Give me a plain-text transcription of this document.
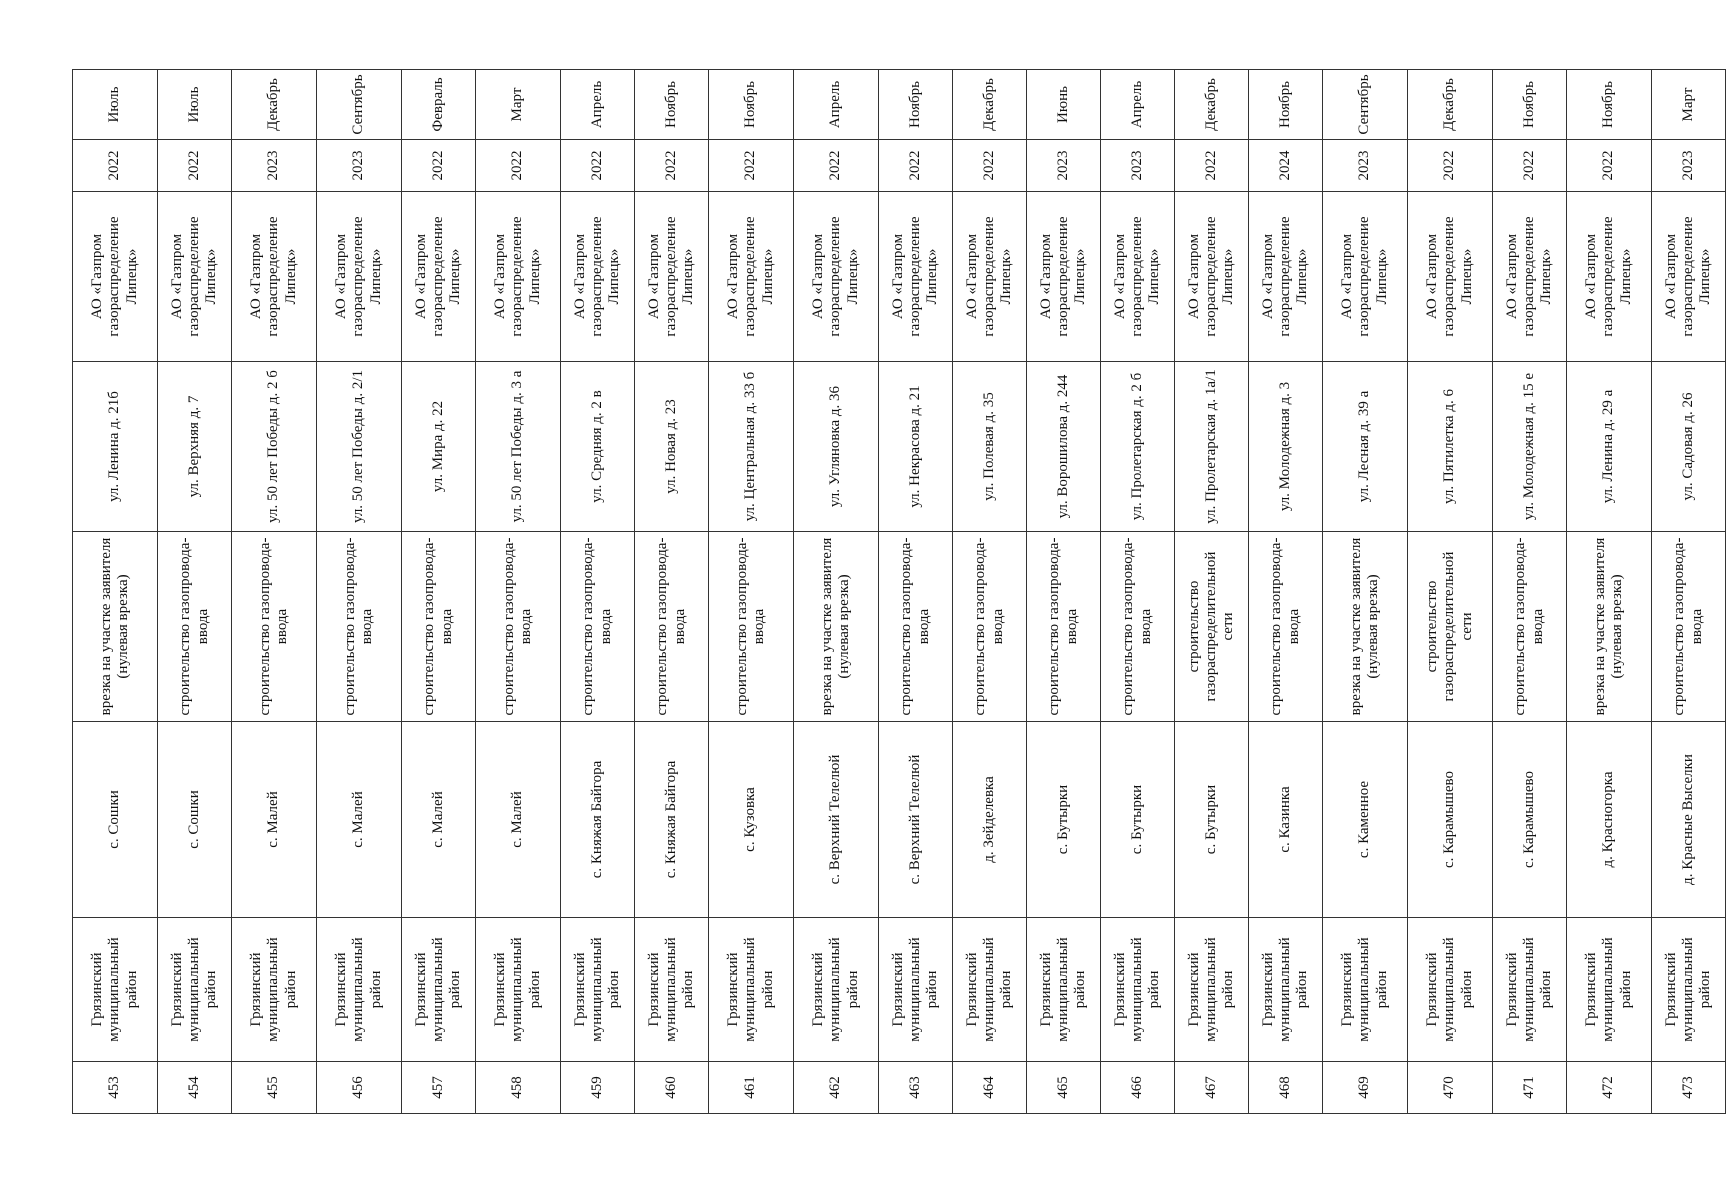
453	Грязинский муниципальный район	с. Сошки	врезка на участке заявителя (нулевая врезка)	ул. Ленина д. 21б	АО «Газпром газораспределение Липецк»	2022	Июль
454	Грязинский муниципальный район	с. Сошки	строительство газопровода-ввода	ул. Верхняя д. 7	АО «Газпром газораспределение Липецк»	2022	Июль
455	Грязинский муниципальный район	с. Малей	строительство газопровода-ввода	ул. 50 лет Победы д. 2 б	АО «Газпром газораспределение Липецк»	2023	Декабрь
456	Грязинский муниципальный район	с. Малей	строительство газопровода-ввода	ул. 50 лет Победы д. 2/1	АО «Газпром газораспределение Липецк»	2023	Сентябрь
457	Грязинский муниципальный район	с. Малей	строительство газопровода-ввода	ул. Мира д. 22	АО «Газпром газораспределение Липецк»	2022	Февраль
458	Грязинский муниципальный район	с. Малей	строительство газопровода-ввода	ул. 50 лет Победы д. 3 а	АО «Газпром газораспределение Липецк»	2022	Март
459	Грязинский муниципальный район	с. Княжая Байгора	строительство газопровода-ввода	ул. Средняя д. 2 в	АО «Газпром газораспределение Липецк»	2022	Апрель
460	Грязинский муниципальный район	с. Княжая Байгора	строительство газопровода-ввода	ул. Новая д. 23	АО «Газпром газораспределение Липецк»	2022	Ноябрь
461	Грязинский муниципальный район	с. Кузовка	строительство газопровода-ввода	ул. Центральная д. 33 б	АО «Газпром газораспределение Липецк»	2022	Ноябрь
462	Грязинский муниципальный район	с. Верхний Телелюй	врезка на участке заявителя (нулевая врезка)	ул. Угляновка д. 36	АО «Газпром газораспределение Липецк»	2022	Апрель
463	Грязинский муниципальный район	с. Верхний Телелюй	строительство газопровода-ввода	ул. Некрасова д. 21	АО «Газпром газораспределение Липецк»	2022	Ноябрь
464	Грязинский муниципальный район	д. Зейделевка	строительство газопровода-ввода	ул. Полевая д. 35	АО «Газпром газораспределение Липецк»	2022	Декабрь
465	Грязинский муниципальный район	с. Бутырки	строительство газопровода-ввода	ул. Ворошилова д. 244	АО «Газпром газораспределение Липецк»	2023	Июнь
466	Грязинский муниципальный район	с. Бутырки	строительство газопровода-ввода	ул. Пролетарская д. 2 б	АО «Газпром газораспределение Липецк»	2023	Апрель
467	Грязинский муниципальный район	с. Бутырки	строительство газораспределительной сети	ул. Пролетарская д. 1а/1	АО «Газпром газораспределение Липецк»	2022	Декабрь
468	Грязинский муниципальный район	с. Казинка	строительство газопровода-ввода	ул. Молодежная д. 3	АО «Газпром газораспределение Липецк»	2024	Ноябрь
469	Грязинский муниципальный район	с. Каменное	врезка на участке заявителя (нулевая врезка)	ул. Лесная д. 39 а	АО «Газпром газораспределение Липецк»	2023	Сентябрь
470	Грязинский муниципальный район	с. Карамышево	строительство газораспределительной сети	ул. Пятилетка д. 6	АО «Газпром газораспределение Липецк»	2022	Декабрь
471	Грязинский муниципальный район	с. Карамышево	строительство газопровода-ввода	ул. Молодежная д. 15 е	АО «Газпром газораспределение Липецк»	2022	Ноябрь
472	Грязинский муниципальный район	д. Красногорка	врезка на участке заявителя (нулевая врезка)	ул. Ленина д. 29 а	АО «Газпром газораспределение Липецк»	2022	Ноябрь
473	Грязинский муниципальный район	д. Красные Выселки	строительство газопровода-ввода	ул. Садовая д. 26	АО «Газпром газораспределение Липецк»	2023	Март
